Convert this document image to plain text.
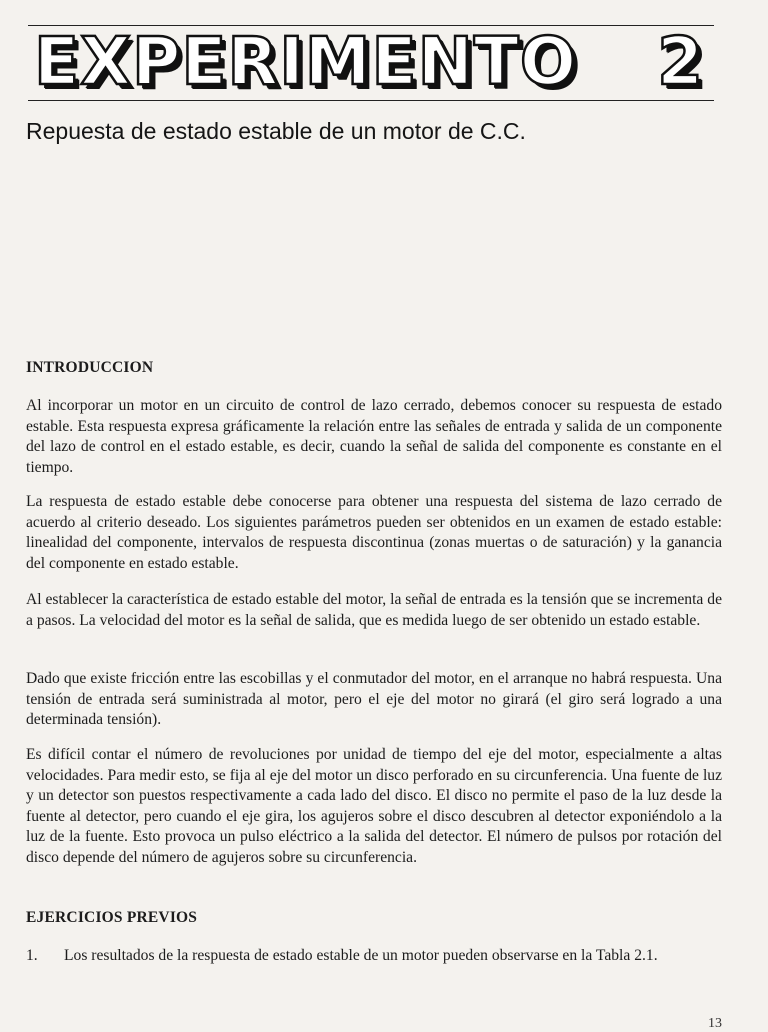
EXPERIMENTO 2
Repuesta de estado estable de un motor de C.C.
INTRODUCCION

Al incorporar un motor en un circuito de control de lazo cerrado, debemos conocer su respuesta de estado estable. Esta respuesta expresa gráficamente la relación entre las señales de entrada y salida de un componente del lazo de control en el estado estable, es decir, cuando la señal de salida del componente es constante en el tiempo.

La respuesta de estado estable debe conocerse para obtener una respuesta del sistema de lazo cerrado de acuerdo al criterio deseado. Los siguientes parámetros pueden ser obtenidos en un examen de estado estable: linealidad del componente, intervalos de respuesta discontinua (zonas muertas o de saturación) y la ganancia del componente en estado estable.

Al establecer la característica de estado estable del motor, la señal de entrada es la tensión que se incrementa de a pasos. La velocidad del motor es la señal de salida, que es medida luego de ser obtenido un estado estable.

Dado que existe fricción entre las escobillas y el conmutador del motor, en el arranque no habrá respuesta. Una tensión de entrada será suministrada al motor, pero el eje del motor no girará (el giro será logrado a una determinada tensión).

Es difícil contar el número de revoluciones por unidad de tiempo del eje del motor, especialmente a altas velocidades. Para medir esto, se fija al eje del motor un disco perforado en su circunferencia. Una fuente de luz y un detector son puestos respectivamente a cada lado del disco. El disco no permite el paso de la luz desde la fuente al detector, pero cuando el eje gira, los agujeros sobre el disco descubren al detector exponiéndolo a la luz de la fuente. Esto provoca un pulso eléctrico a la salida del detector. El número de pulsos por rotación del disco depende del número de agujeros sobre su circunferencia.

EJERCICIOS PREVIOS
1.	Los resultados de la respuesta de estado estable de un motor pueden observarse en la Tabla 2.1.
13
